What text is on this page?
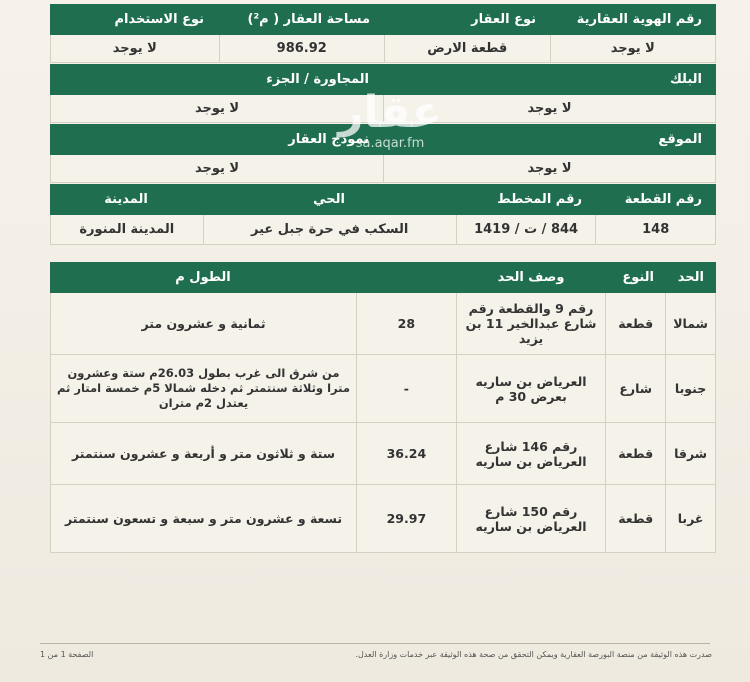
رقم الهوية العقارية
نوع العقار
مساحة العقار ( م²)
نوع الاستخدام
لا يوجد
قطعة الارض
986.92
لا يوجد
البلك
المجاورة / الجزء
لا يوجد
لا يوجد
الموقع
نموذج العقار
لا يوجد
لا يوجد
رقم القطعة
رقم المخطط
الحي
المدينة
148
844 / ت / 1419
السكب في حرة جبل عير
المدينة المنورة
الحد
النوع
وصف الحد
الطول م
شمالا
قطعة
رقم 9 والقطعة رقم شارع عبدالخير 11 بن يزيد
28
ثمانية و عشرون متر
جنوبا
شارع
العرياض بن ساريه بعرض 30 م
-
من شرق الى غرب بطول 26.03م ستة وعشرون مترا وثلاثة سنتمتر ثم دخله شمالا 5م خمسة امتار ثم يعتدل 2م متران
شرقا
قطعة
رقم 146 شارع العرياض بن ساريه
36.24
ستة و ثلاثون متر و أربعة و عشرون سنتمتر
غربا
قطعة
رقم 150 شارع العرياض بن ساريه
29.97
تسعة و عشرون متر و سبعة و تسعون سنتمتر
عقار
sa.aqar.fm
صدرت هذه الوثيقة من منصة البورصة العقارية ويمكن التحقق من صحة هذه الوثيقة عبر خدمات وزارة العدل.
الصفحة 1 من 1
